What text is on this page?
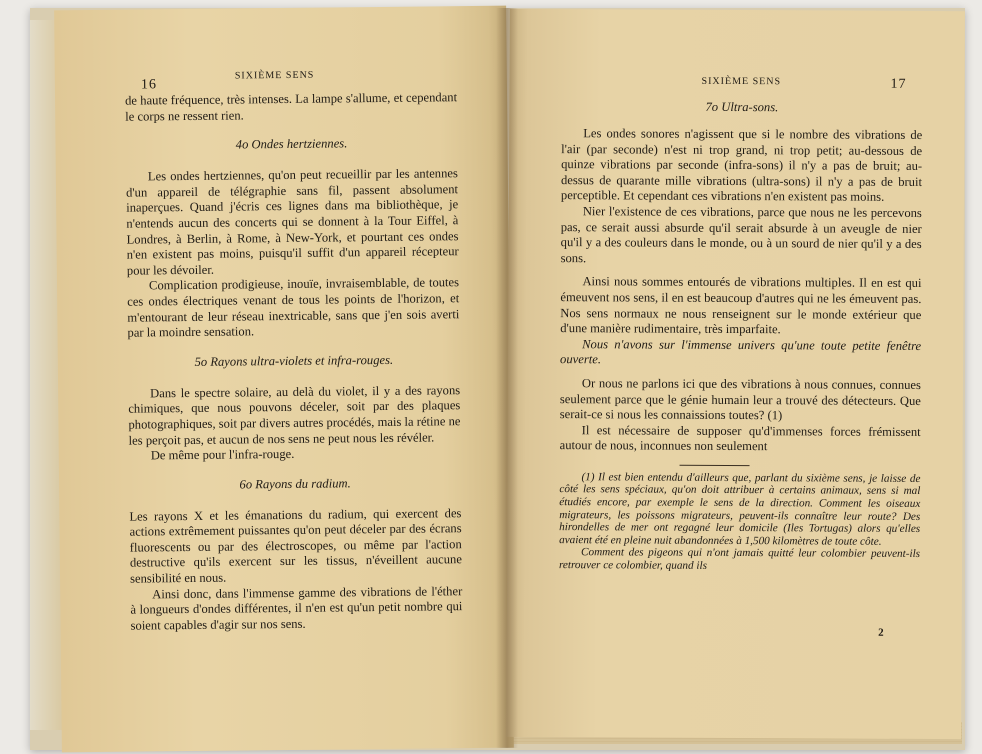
16
SIXIÈME SENS

de haute fréquence, très intenses. La lampe s'allume, et cependant le corps ne ressent rien.

4o Ondes hertziennes.

Les ondes hertziennes, qu'on peut recueillir par les antennes d'un appareil de télégraphie sans fil, passent absolument inaperçues. Quand j'écris ces lignes dans ma bibliothèque, je n'entends aucun des concerts qui se donnent à la Tour Eiffel, à Londres, à Berlin, à Rome, à New-York, et pourtant ces ondes n'en existent pas moins, puisqu'il suffit d'un appareil récepteur pour les dévoiler.

Complication prodigieuse, inouïe, invraisemblable, de toutes ces ondes électriques venant de tous les points de l'horizon, et m'entourant de leur réseau inextricable, sans que j'en sois averti par la moindre sensation.

5o Rayons ultra-violets et infra-rouges.

Dans le spectre solaire, au delà du violet, il y a des rayons chimiques, que nous pouvons déceler, soit par des plaques photographiques, soit par divers autres procédés, mais la rétine ne les perçoit pas, et aucun de nos sens ne peut nous les révéler.

De même pour l'infra-rouge.

6o Rayons du radium.

Les rayons X et les émanations du radium, qui exercent des actions extrêmement puissantes qu'on peut déceler par des écrans fluorescents ou par des électroscopes, ou même par l'action destructive qu'ils exercent sur les tissus, n'éveillent aucune sensibilité en nous.

Ainsi donc, dans l'immense gamme des vibrations de l'éther à longueurs d'ondes différentes, il n'en est qu'un petit nombre qui soient capables d'agir sur nos sens.

SIXIÈME SENS	17
7o Ultra-sons.

Les ondes sonores n'agissent que si le nombre des vibrations de l'air (par seconde) n'est ni trop grand, ni trop petit; au-dessous de quinze vibrations par seconde (infra-sons) il n'y a pas de bruit; au-dessus de quarante mille vibrations (ultra-sons) il n'y a pas de bruit perceptible. Et cependant ces vibrations n'en existent pas moins.

Nier l'existence de ces vibrations, parce que nous ne les percevons pas, ce serait aussi absurde qu'il serait absurde à un aveugle de nier qu'il y a des couleurs dans le monde, ou à un sourd de nier qu'il y a des sons.

Ainsi nous sommes entourés de vibrations multiples. Il en est qui émeuvent nos sens, il en est beaucoup d'autres qui ne les émeuvent pas. Nos sens normaux ne nous renseignent sur le monde extérieur que d'une manière rudimentaire, très imparfaite.

Nous n'avons sur l'immense univers qu'une toute petite fenêtre ouverte.

Or nous ne parlons ici que des vibrations à nous connues, connues seulement parce que le génie humain leur a trouvé des détecteurs. Que serait-ce si nous les connaissions toutes? (1)

Il est nécessaire de supposer qu'd'immenses forces frémissent autour de nous, inconnues non seulement

(1) Il est bien entendu d'ailleurs que, parlant du sixième sens, je laisse de côté les sens spéciaux, qu'on doit attribuer à certains animaux, sens si mal étudiés encore, par exemple le sens de la direction. Comment les oiseaux migrateurs, les poissons migrateurs, peuvent-ils connaître leur route? Des hirondelles de mer ont regagné leur domicile (Iles Tortugas) alors qu'elles avaient été en pleine nuit abandonnées à 1,500 kilomètres de toute côte.

Comment des pigeons qui n'ont jamais quitté leur colombier peuvent-ils retrouver ce colombier, quand ils

2
